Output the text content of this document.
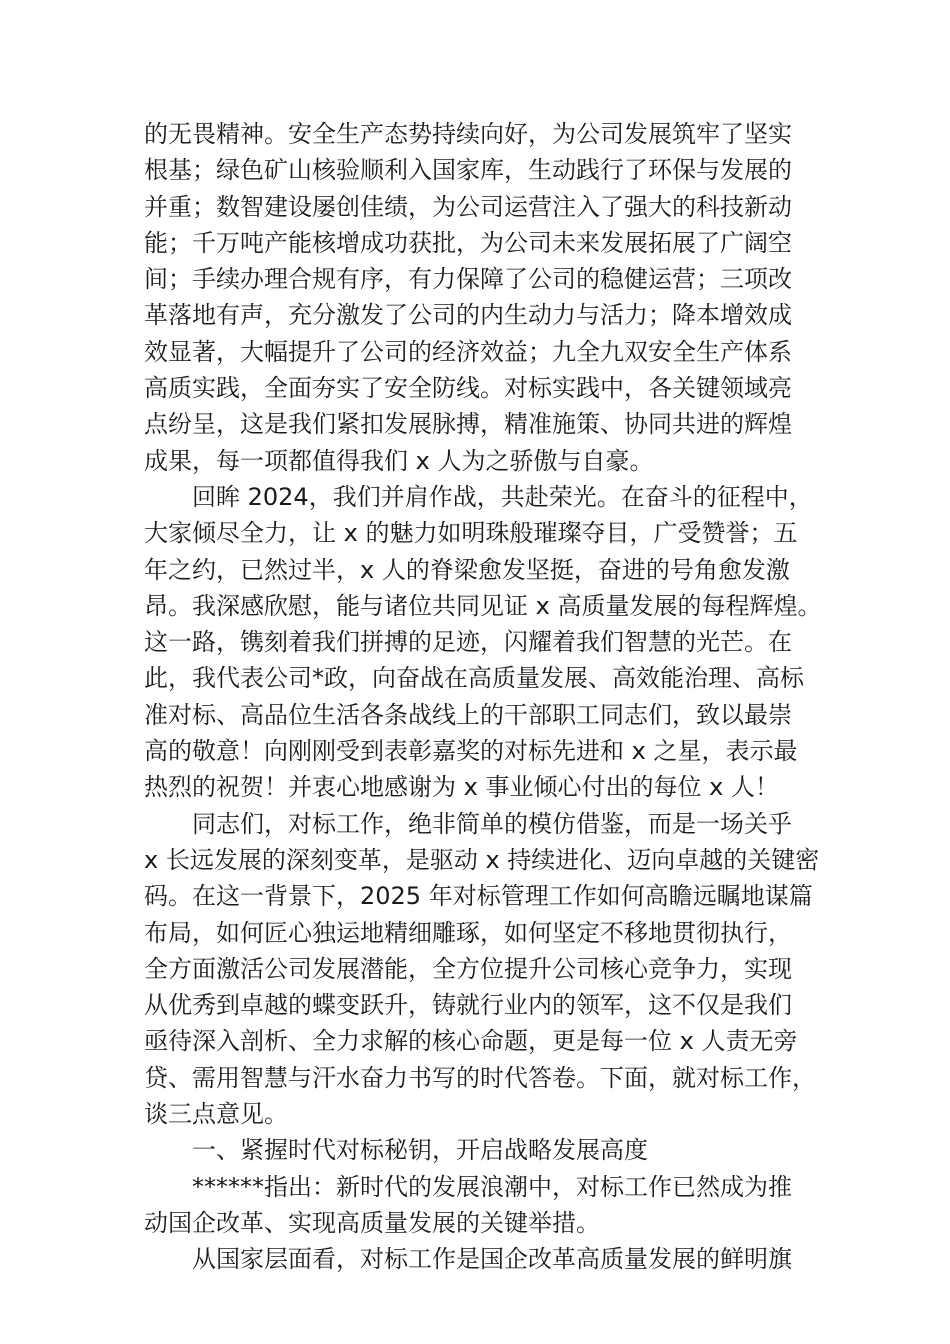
的无畏精神。安全生产态势持续向好，为公司发展筑牢了坚实
根基；绿色矿山核验顺利入国家库，生动践行了环保与发展的
并重；数智建设屡创佳绩，为公司运营注入了强大的科技新动
能；千万吨产能核增成功获批，为公司未来发展拓展了广阔空
间；手续办理合规有序，有力保障了公司的稳健运营；三项改
革落地有声，充分激发了公司的内生动力与活力；降本增效成
效显著，大幅提升了公司的经济效益；九全九双安全生产体系
高质实践，全面夯实了安全防线。对标实践中，各关键领域亮
点纷呈，这是我们紧扣发展脉搏，精准施策、协同共进的辉煌
成果，每一项都值得我们 x 人为之骄傲与自豪。
回眸 2024，我们并肩作战，共赴荣光。在奋斗的征程中，
大家倾尽全力，让 x 的魅力如明珠般璀璨夺目，广受赞誉；五
年之约，已然过半，x 人的脊梁愈发坚挺，奋进的号角愈发激
昂。我深感欣慰，能与诸位共同见证 x 高质量发展的每程辉煌。
这一路，镌刻着我们拼搏的足迹，闪耀着我们智慧的光芒。在
此，我代表公司*政，向奋战在高质量发展、高效能治理、高标
准对标、高品位生活各条战线上的干部职工同志们，致以最崇
高的敬意！向刚刚受到表彰嘉奖的对标先进和 x 之星，表示最
热烈的祝贺！并衷心地感谢为 x 事业倾心付出的每位 x 人！
同志们，对标工作，绝非简单的模仿借鉴，而是一场关乎
x 长远发展的深刻变革，是驱动 x 持续进化、迈向卓越的关键密
码。在这一背景下，2025 年对标管理工作如何高瞻远瞩地谋篇
布局，如何匠心独运地精细雕琢，如何坚定不移地贯彻执行，
全方面激活公司发展潜能，全方位提升公司核心竞争力，实现
从优秀到卓越的蝶变跃升，铸就行业内的领军，这不仅是我们
亟待深入剖析、全力求解的核心命题，更是每一位 x 人责无旁
贷、需用智慧与汗水奋力书写的时代答卷。下面，就对标工作，
谈三点意见。
一、紧握时代对标秘钥，开启战略发展高度
******指出：新时代的发展浪潮中，对标工作已然成为推
动国企改革、实现高质量发展的关键举措。
从国家层面看，对标工作是国企改革高质量发展的鲜明旗
